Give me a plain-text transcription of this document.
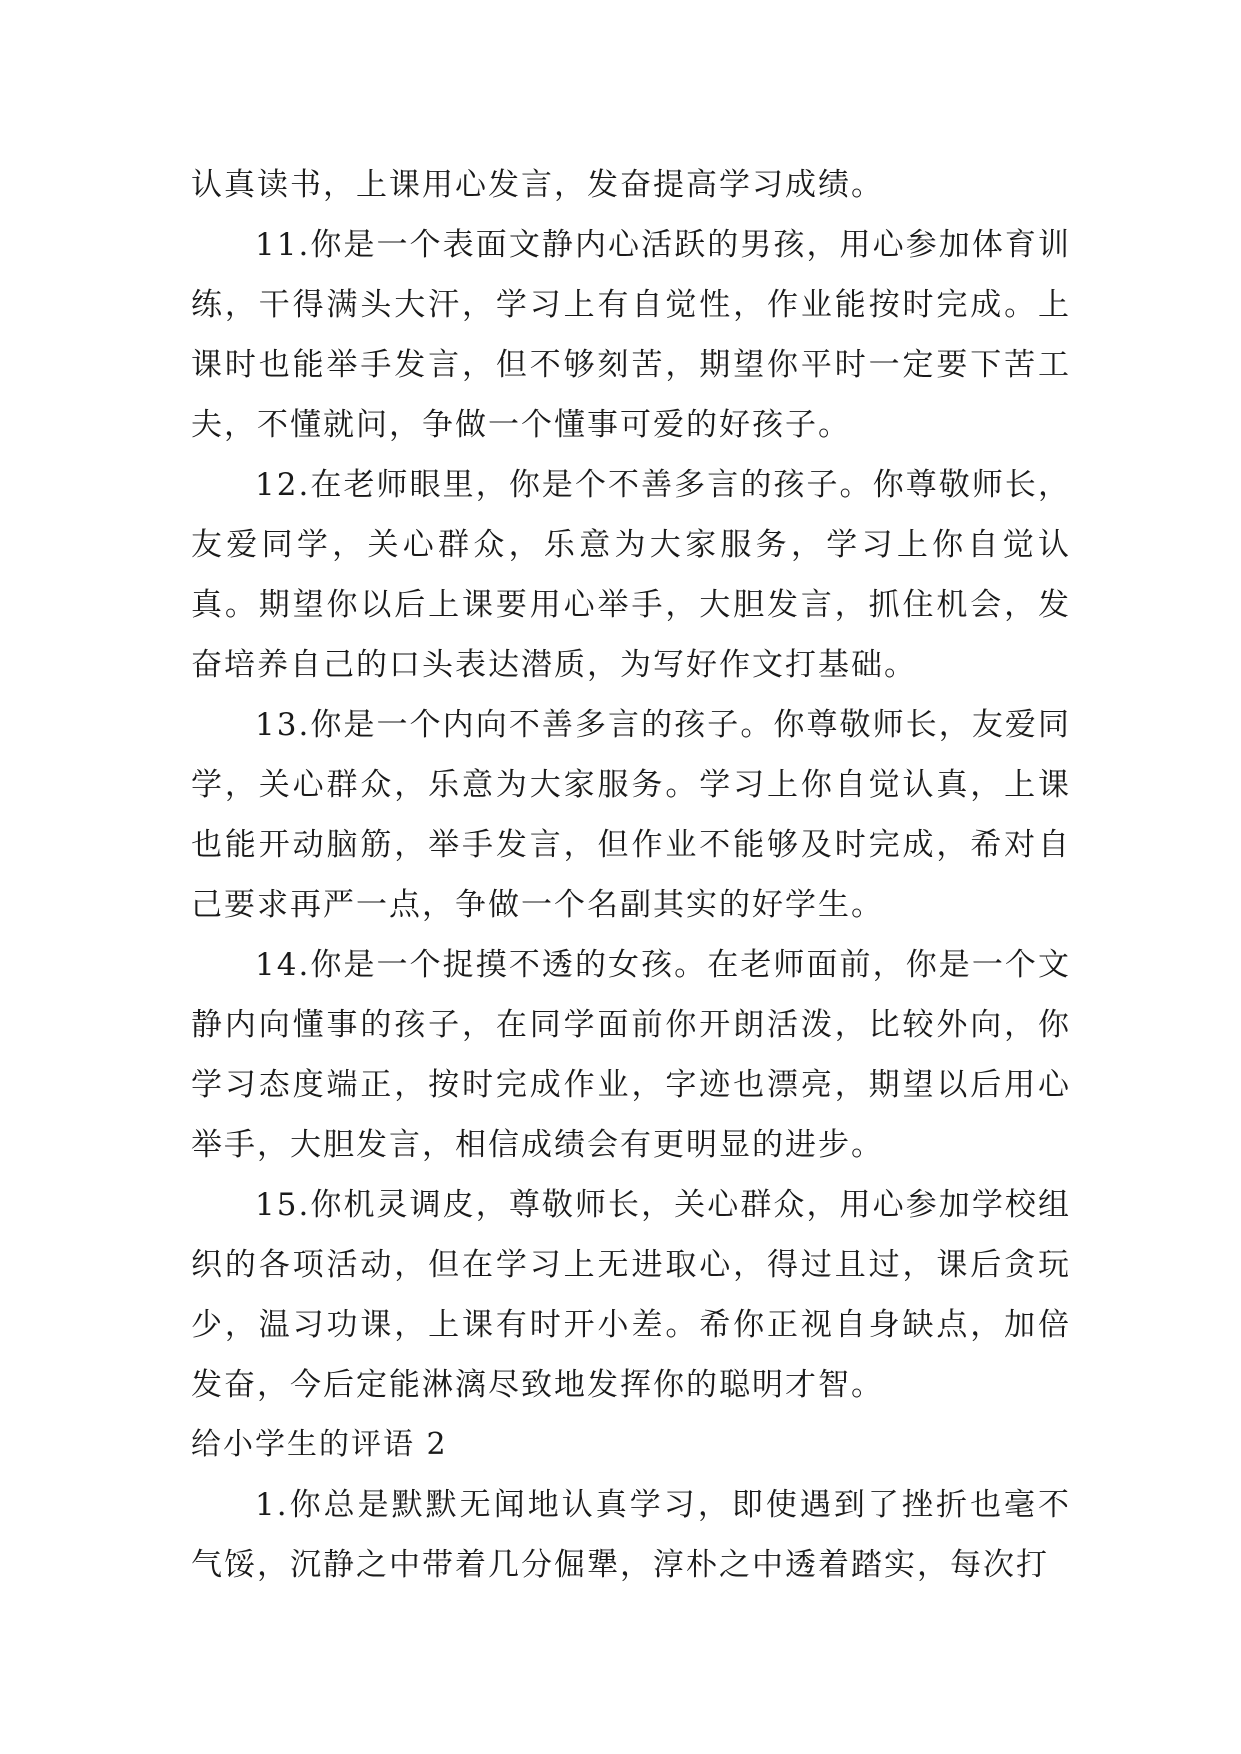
认真读书，上课用心发言，发奋提高学习成绩。

11.你是一个表面文静内心活跃的男孩，用心参加体育训练，干得满头大汗，学习上有自觉性，作业能按时完成。上课时也能举手发言，但不够刻苦，期望你平时一定要下苦工夫，不懂就问，争做一个懂事可爱的好孩子。

12.在老师眼里，你是个不善多言的孩子。你尊敬师长，友爱同学，关心群众，乐意为大家服务，学习上你自觉认真。期望你以后上课要用心举手，大胆发言，抓住机会，发奋培养自己的口头表达潜质，为写好作文打基础。

13.你是一个内向不善多言的孩子。你尊敬师长，友爱同学，关心群众，乐意为大家服务。学习上你自觉认真，上课也能开动脑筋，举手发言，但作业不能够及时完成，希对自己要求再严一点，争做一个名副其实的好学生。

14.你是一个捉摸不透的女孩。在老师面前，你是一个文静内向懂事的孩子，在同学面前你开朗活泼，比较外向，你学习态度端正，按时完成作业，字迹也漂亮，期望以后用心举手，大胆发言，相信成绩会有更明显的进步。

15.你机灵调皮，尊敬师长，关心群众，用心参加学校组织的各项活动，但在学习上无进取心，得过且过，课后贪玩少，温习功课，上课有时开小差。希你正视自身缺点，加倍发奋，今后定能淋漓尽致地发挥你的聪明才智。

给小学生的评语 2

1.你总是默默无闻地认真学习，即使遇到了挫折也毫不气馁，沉静之中带着几分倔犟，淳朴之中透着踏实，每次打
